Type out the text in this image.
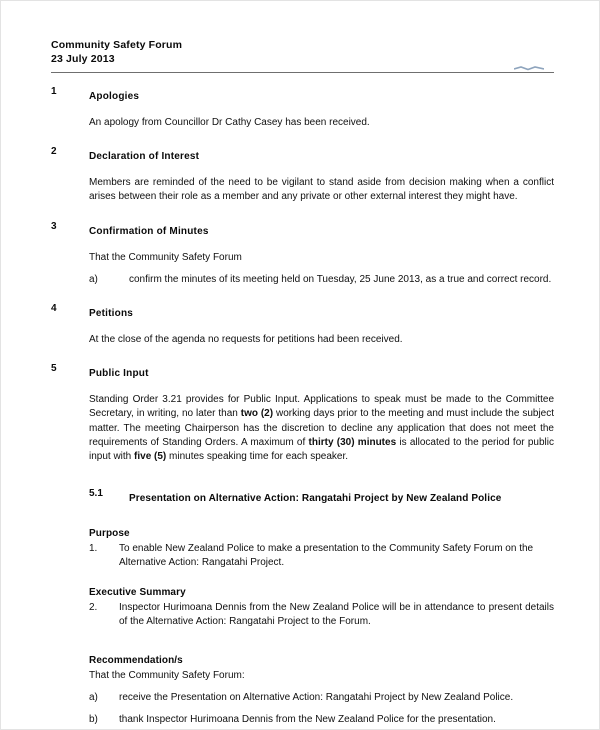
Community Safety Forum
23 July 2013
1	Apologies
An apology from Councillor Dr Cathy Casey has been received.
2	Declaration of Interest
Members are reminded of the need to be vigilant to stand aside from decision making when a conflict arises between their role as a member and any private or other external interest they might have.
3	Confirmation of Minutes
That the Community Safety Forum
a)	confirm the minutes of its meeting held on Tuesday, 25 June 2013, as a true and correct record.
4	Petitions
At the close of the agenda no requests for petitions had been received.
5	Public Input
Standing Order 3.21 provides for Public Input. Applications to speak must be made to the Committee Secretary, in writing, no later than two (2) working days prior to the meeting and must include the subject matter. The meeting Chairperson has the discretion to decline any application that does not meet the requirements of Standing Orders. A maximum of thirty (30) minutes is allocated to the period for public input with five (5) minutes speaking time for each speaker.
5.1	Presentation on Alternative Action: Rangatahi Project by New Zealand Police
Purpose
1. To enable New Zealand Police to make a presentation to the Community Safety Forum on the Alternative Action: Rangatahi Project.
Executive Summary
2. Inspector Hurimoana Dennis from the New Zealand Police will be in attendance to present details of the Alternative Action: Rangatahi Project to the Forum.
Recommendation/s
That the Community Safety Forum:
a) receive the Presentation on Alternative Action: Rangatahi Project by New Zealand Police.
b) thank Inspector Hurimoana Dennis from the New Zealand Police for the presentation.
